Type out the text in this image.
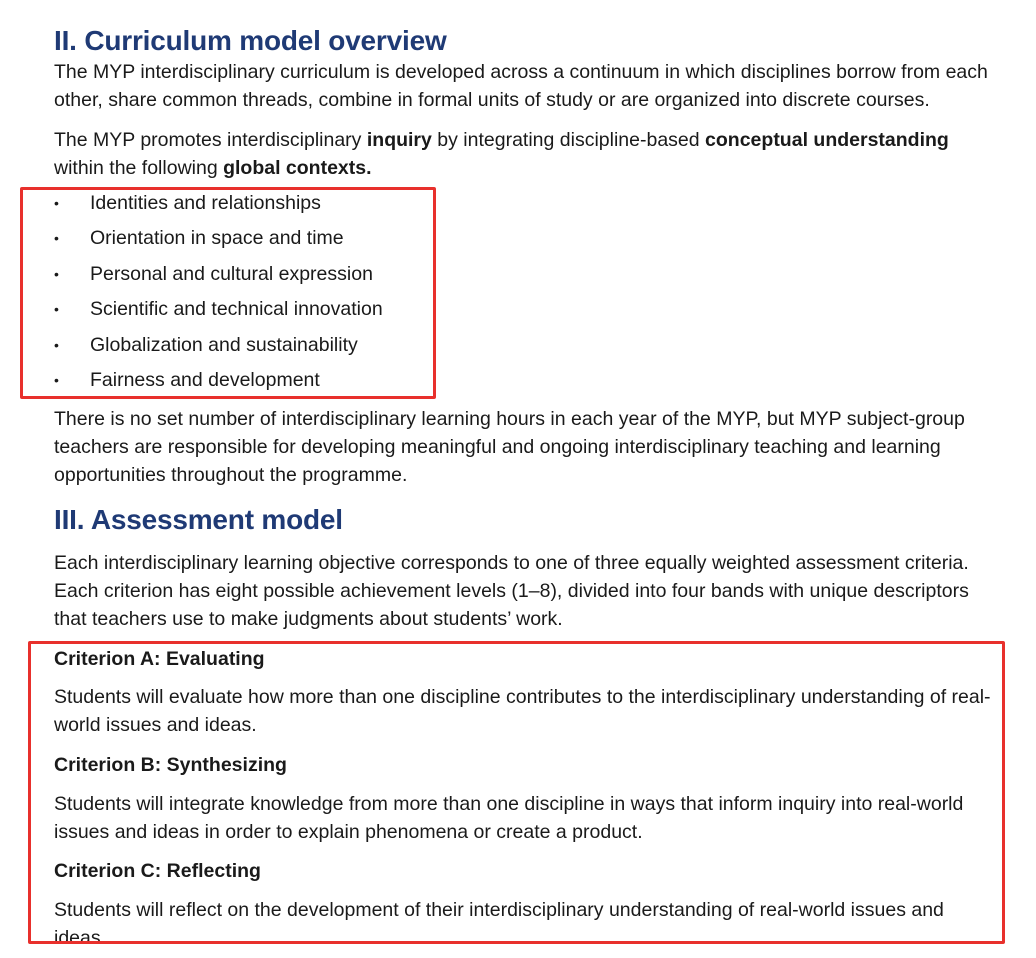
II. Curriculum model overview

The MYP interdisciplinary curriculum is developed across a continuum in which disciplines borrow from each other, share common threads, combine in formal units of study or are organized into discrete courses.

The MYP promotes interdisciplinary inquiry by integrating discipline-based conceptual understanding within the following global contexts.

• Identities and relationships
• Orientation in space and time
• Personal and cultural expression
• Scientific and technical innovation
• Globalization and sustainability
• Fairness and development

There is no set number of interdisciplinary learning hours in each year of the MYP, but MYP subject-group teachers are responsible for developing meaningful and ongoing interdisciplinary teaching and learning opportunities throughout the programme.

III. Assessment model

Each interdisciplinary learning objective corresponds to one of three equally weighted assessment criteria. Each criterion has eight possible achievement levels (1–8), divided into four bands with unique descriptors that teachers use to make judgments about students’ work.

Criterion A: Evaluating

Students will evaluate how more than one discipline contributes to the interdisciplinary understanding of real-world issues and ideas.

Criterion B: Synthesizing

Students will integrate knowledge from more than one discipline in ways that inform inquiry into real-world issues and ideas in order to explain phenomena or create a product.

Criterion C: Reflecting

Students will reflect on the development of their interdisciplinary understanding of real-world issues and ideas.
